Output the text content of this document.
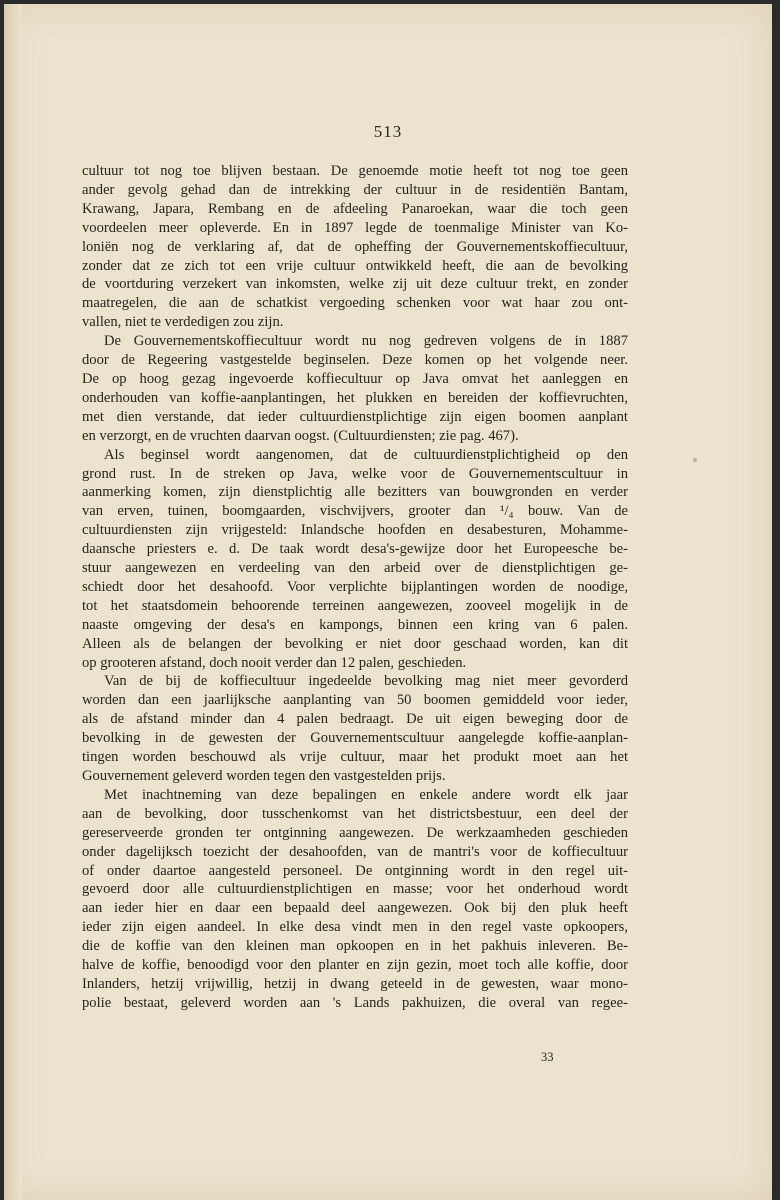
513
cultuur tot nog toe blijven bestaan. De genoemde motie heeft tot nog toe geen
ander gevolg gehad dan de intrekking der cultuur in de residentiën Bantam,
Krawang, Japara, Rembang en de afdeeling Panaroekan, waar die toch geen
voordeelen meer opleverde. En in 1897 legde de toenmalige Minister van Ko-
loniën nog de verklaring af, dat de opheffing der Gouvernementskoffiecultuur,
zonder dat ze zich tot een vrije cultuur ontwikkeld heeft, die aan de bevolking
de voortduring verzekert van inkomsten, welke zij uit deze cultuur trekt, en zonder
maatregelen, die aan de schatkist vergoeding schenken voor wat haar zou ont-
vallen, niet te verdedigen zou zijn.
De Gouvernementskoffiecultuur wordt nu nog gedreven volgens de in 1887
door de Regeering vastgestelde beginselen. Deze komen op het volgende neer.
De op hoog gezag ingevoerde koffiecultuur op Java omvat het aanleggen en
onderhouden van koffie-aanplantingen, het plukken en bereiden der koffievruchten,
met dien verstande, dat ieder cultuurdienstplichtige zijn eigen boomen aanplant
en verzorgt, en de vruchten daarvan oogst. (Cultuurdiensten; zie pag. 467).
Als beginsel wordt aangenomen, dat de cultuurdienstplichtigheid op den
grond rust. In de streken op Java, welke voor de Gouvernementscultuur in
aanmerking komen, zijn dienstplichtig alle bezitters van bouwgronden en verder
van erven, tuinen, boomgaarden, vischvijvers, grooter dan ¹/₄ bouw. Van de
cultuurdiensten zijn vrijgesteld: Inlandsche hoofden en desabesturen, Mohamme-
daansche priesters e. d. De taak wordt desa's-gewijze door het Europeesche be-
stuur aangewezen en verdeeling van den arbeid over de dienstplichtigen ge-
schiedt door het desahoofd. Voor verplichte bijplantingen worden de noodige,
tot het staatsdomein behoorende terreinen aangewezen, zooveel mogelijk in de
naaste omgeving der desa's en kampongs, binnen een kring van 6 palen.
Alleen als de belangen der bevolking er niet door geschaad worden, kan dit
op grooteren afstand, doch nooit verder dan 12 palen, geschieden.
Van de bij de koffiecultuur ingedeelde bevolking mag niet meer gevorderd
worden dan een jaarlijksche aanplanting van 50 boomen gemiddeld voor ieder,
als de afstand minder dan 4 palen bedraagt. De uit eigen beweging door de
bevolking in de gewesten der Gouvernementscultuur aangelegde koffie-aanplan-
tingen worden beschouwd als vrije cultuur, maar het produkt moet aan het
Gouvernement geleverd worden tegen den vastgestelden prijs.
Met inachtneming van deze bepalingen en enkele andere wordt elk jaar
aan de bevolking, door tusschenkomst van het districtsbestuur, een deel der
gereserveerde gronden ter ontginning aangewezen. De werkzaamheden geschieden
onder dagelijksch toezicht der desahoofden, van de mantri's voor de koffiecultuur
of onder daartoe aangesteld personeel. De ontginning wordt in den regel uit-
gevoerd door alle cultuurdienstplichtigen en masse; voor het onderhoud wordt
aan ieder hier en daar een bepaald deel aangewezen. Ook bij den pluk heeft
ieder zijn eigen aandeel. In elke desa vindt men in den regel vaste opkoopers,
die de koffie van den kleinen man opkoopen en in het pakhuis inleveren. Be-
halve de koffie, benoodigd voor den planter en zijn gezin, moet toch alle koffie, door
Inlanders, hetzij vrijwillig, hetzij in dwang geteeld in de gewesten, waar mono-
polie bestaat, geleverd worden aan 's Lands pakhuizen, die overal van regee-
33
